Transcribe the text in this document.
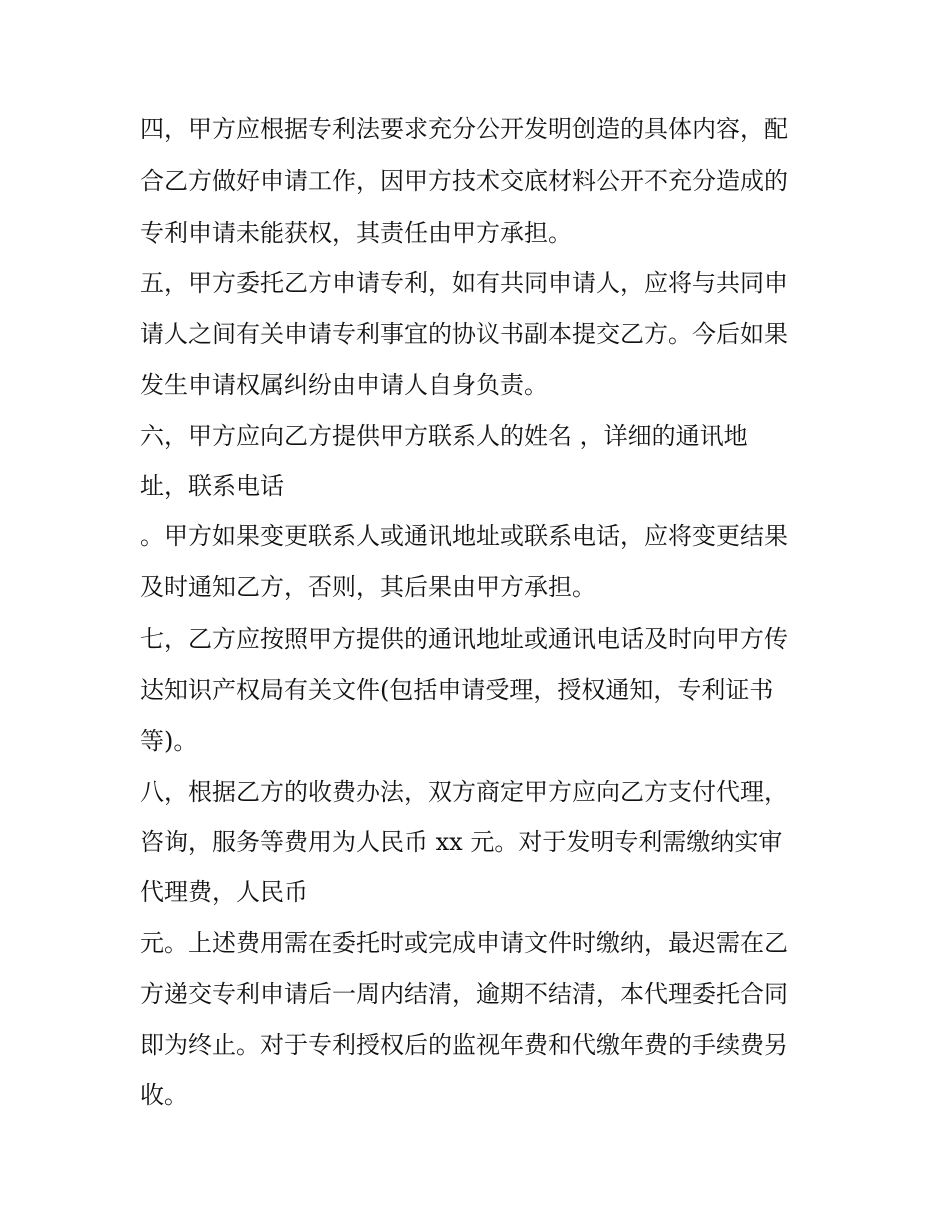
四，甲方应根据专利法要求充分公开发明创造的具体内容，配
合乙方做好申请工作，因甲方技术交底材料公开不充分造成的
专利申请未能获权，其责任由甲方承担。
五，甲方委托乙方申请专利，如有共同申请人，应将与共同申
请人之间有关申请专利事宜的协议书副本提交乙方。今后如果
发生申请权属纠纷由申请人自身负责。
六，甲方应向乙方提供甲方联系人的姓名 ，详细的通讯地
址，联系电话
。甲方如果变更联系人或通讯地址或联系电话，应将变更结果
及时通知乙方，否则，其后果由甲方承担。
七，乙方应按照甲方提供的通讯地址或通讯电话及时向甲方传
达知识产权局有关文件(包括申请受理，授权通知，专利证书
等)。
八，根据乙方的收费办法，双方商定甲方应向乙方支付代理，
咨询，服务等费用为人民币 xx 元。对于发明专利需缴纳实审
代理费，人民币
元。上述费用需在委托时或完成申请文件时缴纳，最迟需在乙
方递交专利申请后一周内结清，逾期不结清，本代理委托合同
即为终止。对于专利授权后的监视年费和代缴年费的手续费另
收。
